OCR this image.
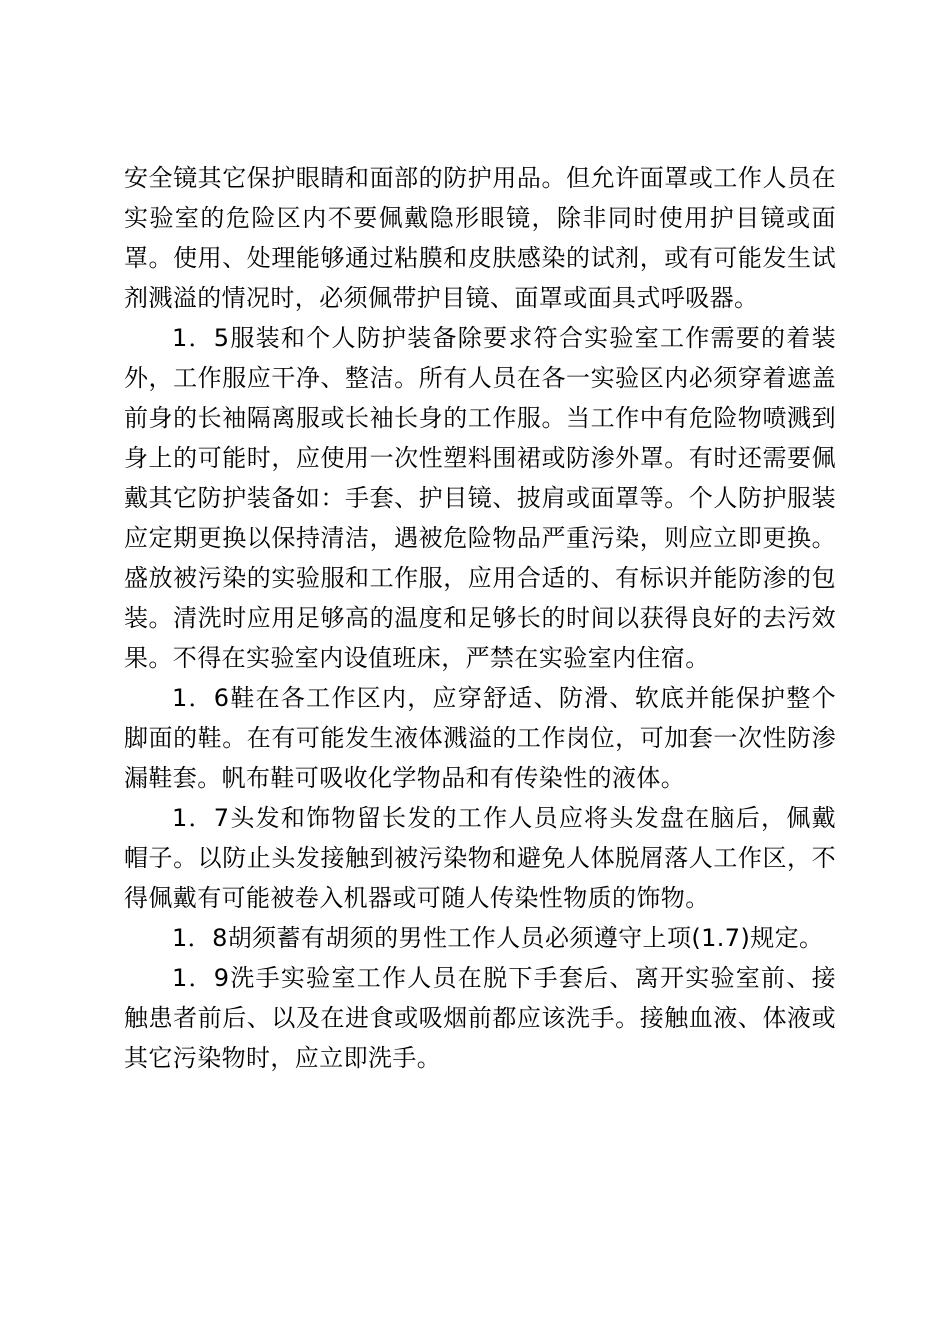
安全镜其它保护眼睛和面部的防护用品。但允许面罩或工作人员在实验室的危险区内不要佩戴隐形眼镜，除非同时使用护目镜或面罩。使用、处理能够通过粘膜和皮肤感染的试剂，或有可能发生试剂溅溢的情况时，必须佩带护目镜、面罩或面具式呼吸器。

1．5服装和个人防护装备除要求符合实验室工作需要的着装外，工作服应干净、整洁。所有人员在各一实验区内必须穿着遮盖前身的长袖隔离服或长袖长身的工作服。当工作中有危险物喷溅到身上的可能时，应使用一次性塑料围裙或防渗外罩。有时还需要佩戴其它防护装备如：手套、护目镜、披肩或面罩等。个人防护服装应定期更换以保持清洁，遇被危险物品严重污染，则应立即更换。盛放被污染的实验服和工作服，应用合适的、有标识并能防渗的包装。清洗时应用足够高的温度和足够长的时间以获得良好的去污效果。不得在实验室内设值班床，严禁在实验室内住宿。

1．6鞋在各工作区内，应穿舒适、防滑、软底并能保护整个脚面的鞋。在有可能发生液体溅溢的工作岗位，可加套一次性防渗漏鞋套。帆布鞋可吸收化学物品和有传染性的液体。

1．7头发和饰物留长发的工作人员应将头发盘在脑后，佩戴帽子。以防止头发接触到被污染物和避免人体脱屑落人工作区，不得佩戴有可能被卷入机器或可随人传染性物质的饰物。

1．8胡须蓄有胡须的男性工作人员必须遵守上项(1.7)规定。

1．9洗手实验室工作人员在脱下手套后、离开实验室前、接触患者前后、以及在进食或吸烟前都应该洗手。接触血液、体液或其它污染物时，应立即洗手。
